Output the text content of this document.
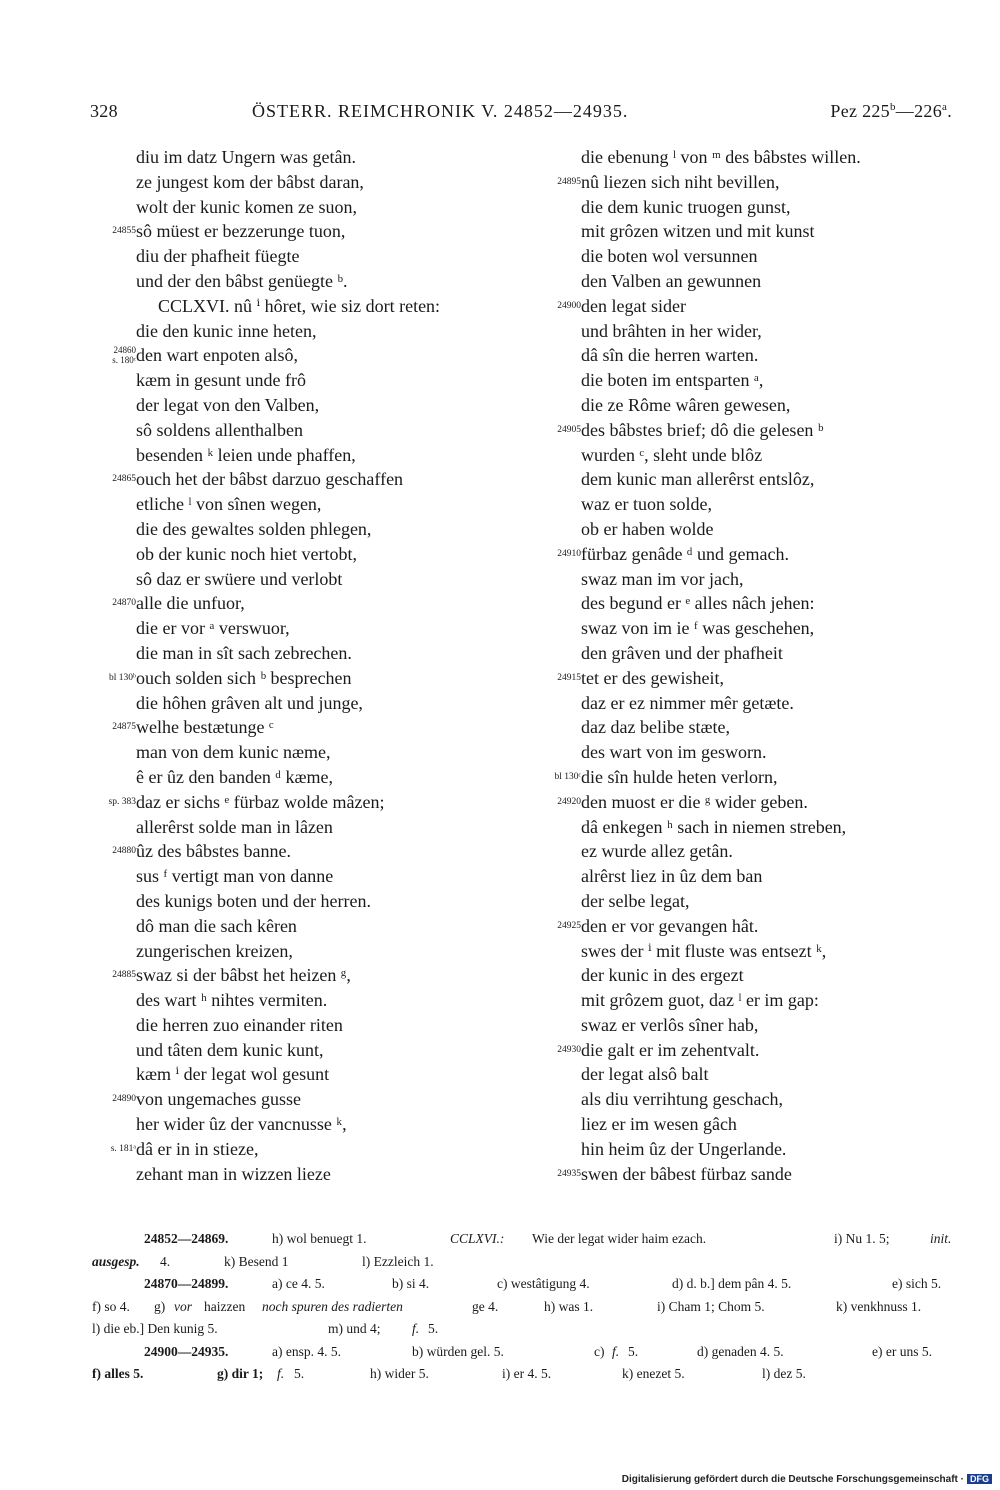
328	ÖSTERR. REIMCHRONIK V. 24852—24935.	Pez 225$^b$—226$^a$.
diu im datz Ungern was getân.
ze jungest kom der bâbst daran,
wolt der kunic komen ze suon,
24855 sô müest er bezzerunge tuon,
diu der phafheit füegte
und der den bâbst genüegte ᵇ.
CCLXVI. nû ⁱ hôret, wie siz dort reten:
die den kunic inne heten,
24860
s. 180ᶜ den wart enpoten alsô,
kæm in gesunt unde frô
der legat von den Valben,
sô soldens allenthalben
besenden ᵏ leien unde phaffen,
24865 ouch het der bâbst darzuo geschaffen
etliche ˡ von sînen wegen,
die des gewaltes solden phlegen,
ob der kunic noch hiet vertobt,
sô daz er swüere und verlobt
24870 alle die unfuor,
die er vor ᵃ verswuor,
die man in sît sach zebrechen.
bl 130ᵇ ouch solden sich ᵇ besprechen
die hôhen grâven alt und junge,
24875 welhe bestætunge ᶜ
man von dem kunic næme,
ê er ûz den banden ᵈ kæme,
sp. 383 daz er sichs ᵉ fürbaz wolde mâzen;
allerêrst solde man in lâzen
24880 ûz des bâbstes banne.
sus ᶠ vertigt man von danne
des kunigs boten und der herren.
dô man die sach kêren
zungerischen kreizen,
24885 swaz si der bâbst het heizen ᵍ,
des wart ʰ nihtes vermiten.
die herren zuo einander riten
und tâten dem kunic kunt,
kæm ⁱ der legat wol gesunt
24890 von ungemaches gusse
her wider ûz der vancnusse ᵏ,
s. 181ᵃ dâ er in in stieze,
zehant man in wizzen lieze
die ebenung ˡ von ᵐ des bâbstes willen.
24895 nû liezen sich niht bevillen,
die dem kunic truogen gunst,
mit grôzen witzen und mit kunst
die boten wol versunnen
den Valben an gewunnen
24900 den legat sider
und brâhten in her wider,
dâ sîn die herren warten.
die boten im entsparten ᵃ,
die ze Rôme wâren gewesen,
24905 des bâbstes brief; dô die gelesen ᵇ
wurden ᶜ, sleht unde blôz
dem kunic man allerêrst entslôz,
waz er tuon solde,
ob er haben wolde
24910 fürbaz genâde ᵈ und gemach.
swaz man im vor jach,
des begund er ᵉ alles nâch jehen:
swaz von im ie ᶠ was geschehen,
den grâven und der phafheit
24915 tet er des gewisheit,
daz er ez nimmer mêr getæte.
daz daz belibe stæte,
des wart von im gesworn.
bl 130ᶜ die sîn hulde heten verlorn,
24920 den muost er die ᵍ wider geben.
dâ enkegen ʰ sach in niemen streben,
ez wurde allez getân.
alrêrst liez in ûz dem ban
der selbe legat,
24925 den er vor gevangen hât.
swes der ⁱ mit fluste was entsezt ᵏ,
der kunic in des ergezt
mit grôzem guot, daz ˡ er im gap:
swaz er verlôs sîner hab,
24930 die galt er im zehentvalt.
der legat alsô balt
als diu verrihtung geschach,
liez er im wesen gâch
hin heim ûz der Ungerlande.
24935 swen der bâbest fürbaz sande
24852—24869.	h) wol benuegt 1.	CCLXVI.: Wie der legat wider haim ezach.	i) Nu 1. 5;	init.
ausgesp. 4.	k) Besend 1	l) Ezzleich 1.
24870—24899.	a) ce 4. 5.	b) si 4.	c) westâtigung 4.	d) d. b.] dem pân 4. 5.	e) sich 5.
f) so 4. g) vor haizzen noch spuren des radierten	ge 4.	h) was 1.	i) Cham 1; Chom 5.	k) venkhnuss 1.
l) die eb.] Den kunig 5.	m) und 4; f. 5.
24900—24935.	a) ensp. 4. 5.	b) würden gel. 5.	c) f. 5.	d) genaden 4. 5.	e) er uns 5.
f) alles 5.	g) dir 1; f. 5.	h) wider 5.	i) er 4. 5.	k) enezet 5.	l) dez 5.
Digitalisierung gefördert durch die Deutsche Forschungsgemeinschaft · DFG
